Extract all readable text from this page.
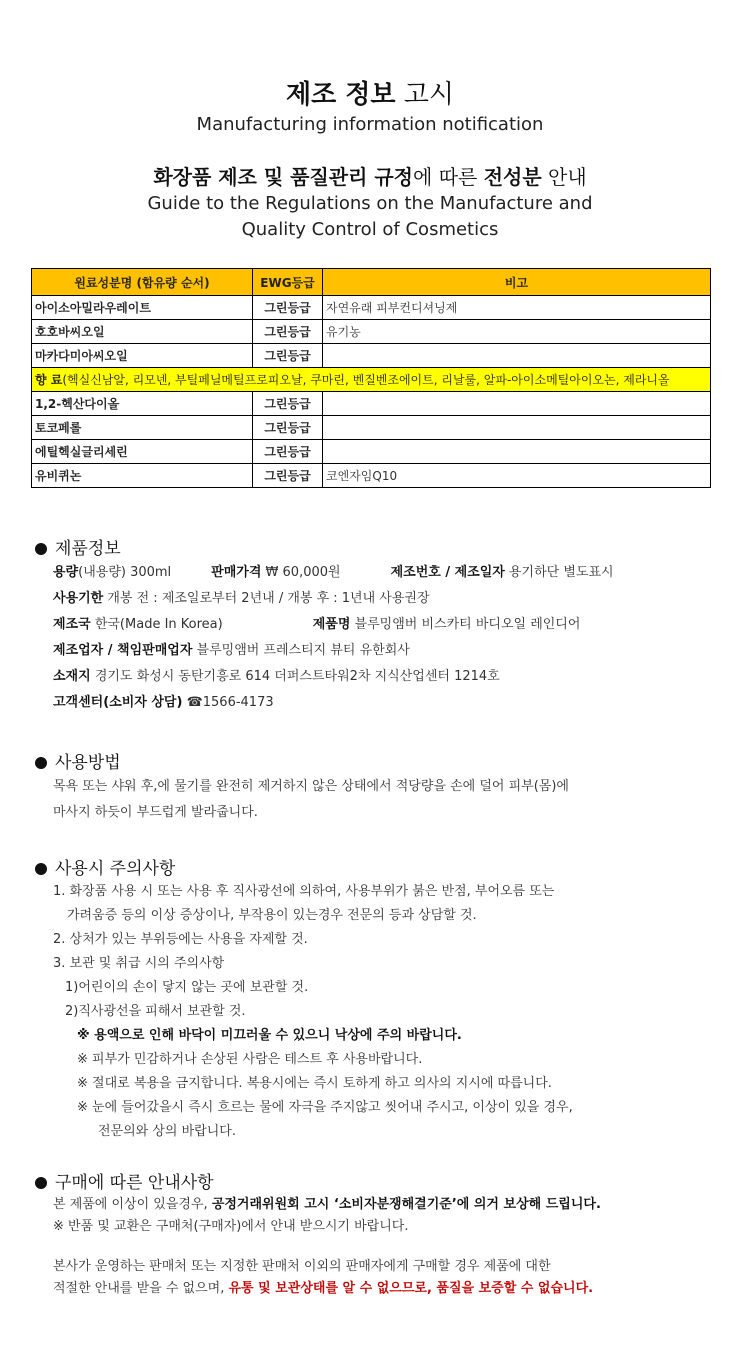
제조 정보 고시
Manufacturing information notification
화장품 제조 및 품질관리 규정에 따른 전성분 안내
Guide to the Regulations on the Manufacture and
Quality Control of Cosmetics
원료성분명 (함유량 순서)	EWG등급	비고
아이소아밀라우레이트	그린등급	자연유래 피부컨디셔닝제
호호바씨오일	그린등급	유기농
마카다미아씨오일	그린등급	
향 료(헥실신남알, 리모넨, 부틸페닐메틸프로피오날, 쿠마린, 벤질벤조에이트, 리날룰, 알파-아이소메틸아이오논, 제라니올		
1,2-헥산다이올	그린등급	
토코페롤	그린등급	
에틸헥실글리세린	그린등급	
유비퀴논	그린등급	코엔자임Q10
제품정보
용량(내용량) 300ml	판매가격 ₩ 60,000원	제조번호 / 제조일자 용기하단 별도표시
사용기한 개봉 전 : 제조일로부터 2년내 / 개봉 후 : 1년내 사용권장
제조국 한국(Made In Korea)	제품명 블루밍앰버 비스카티 바디오일 레인디어
제조업자 / 책임판매업자 블루밍앰버 프레스티지 뷰티 유한회사
소재지 경기도 화성시 동탄기흥로 614 더퍼스트타워2차 지식산업센터 1214호
고객센터(소비자 상담) ☎1566-4173
사용방법
목욕 또는 샤워 후,에 물기를 완전히 제거하지 않은 상태에서 적당량을 손에 덜어 피부(몸)에
마사지 하듯이 부드럽게 발라줍니다.
사용시 주의사항
1. 화장품 사용 시 또는 사용 후 직사광선에 의하여, 사용부위가 붉은 반점, 부어오름 또는
가려움증 등의 이상 증상이나, 부작용이 있는경우 전문의 등과 상담할 것.
2. 상처가 있는 부위등에는 사용을 자제할 것.
3. 보관 및 취급 시의 주의사항
1)어린이의 손이 닿지 않는 곳에 보관할 것.
2)직사광선을 피해서 보관할 것.
※ 용액으로 인해 바닥이 미끄러울 수 있으니 낙상에 주의 바랍니다.
※ 피부가 민감하거나 손상된 사람은 테스트 후 사용바랍니다.
※ 절대로 복용을 금지합니다. 복용시에는 즉시 토하게 하고 의사의 지시에 따릅니다.
※ 눈에 들어갔을시 즉시 흐르는 물에 자극을 주지않고 씻어내 주시고, 이상이 있을 경우,
전문의와 상의 바랍니다.
구매에 따른 안내사항
본 제품에 이상이 있을경우, 공정거래위원회 고시 ‘소비자분쟁해결기준’에 의거 보상해 드립니다.
※ 반품 및 교환은 구매처(구매자)에서 안내 받으시기 바랍니다.
본사가 운영하는 판매처 또는 지정한 판매처 이외의 판매자에게 구매할 경우 제품에 대한
적절한 안내를 받을 수 없으며, 유통 및 보관상태를 알 수 없으므로, 품질을 보증할 수 없습니다.
